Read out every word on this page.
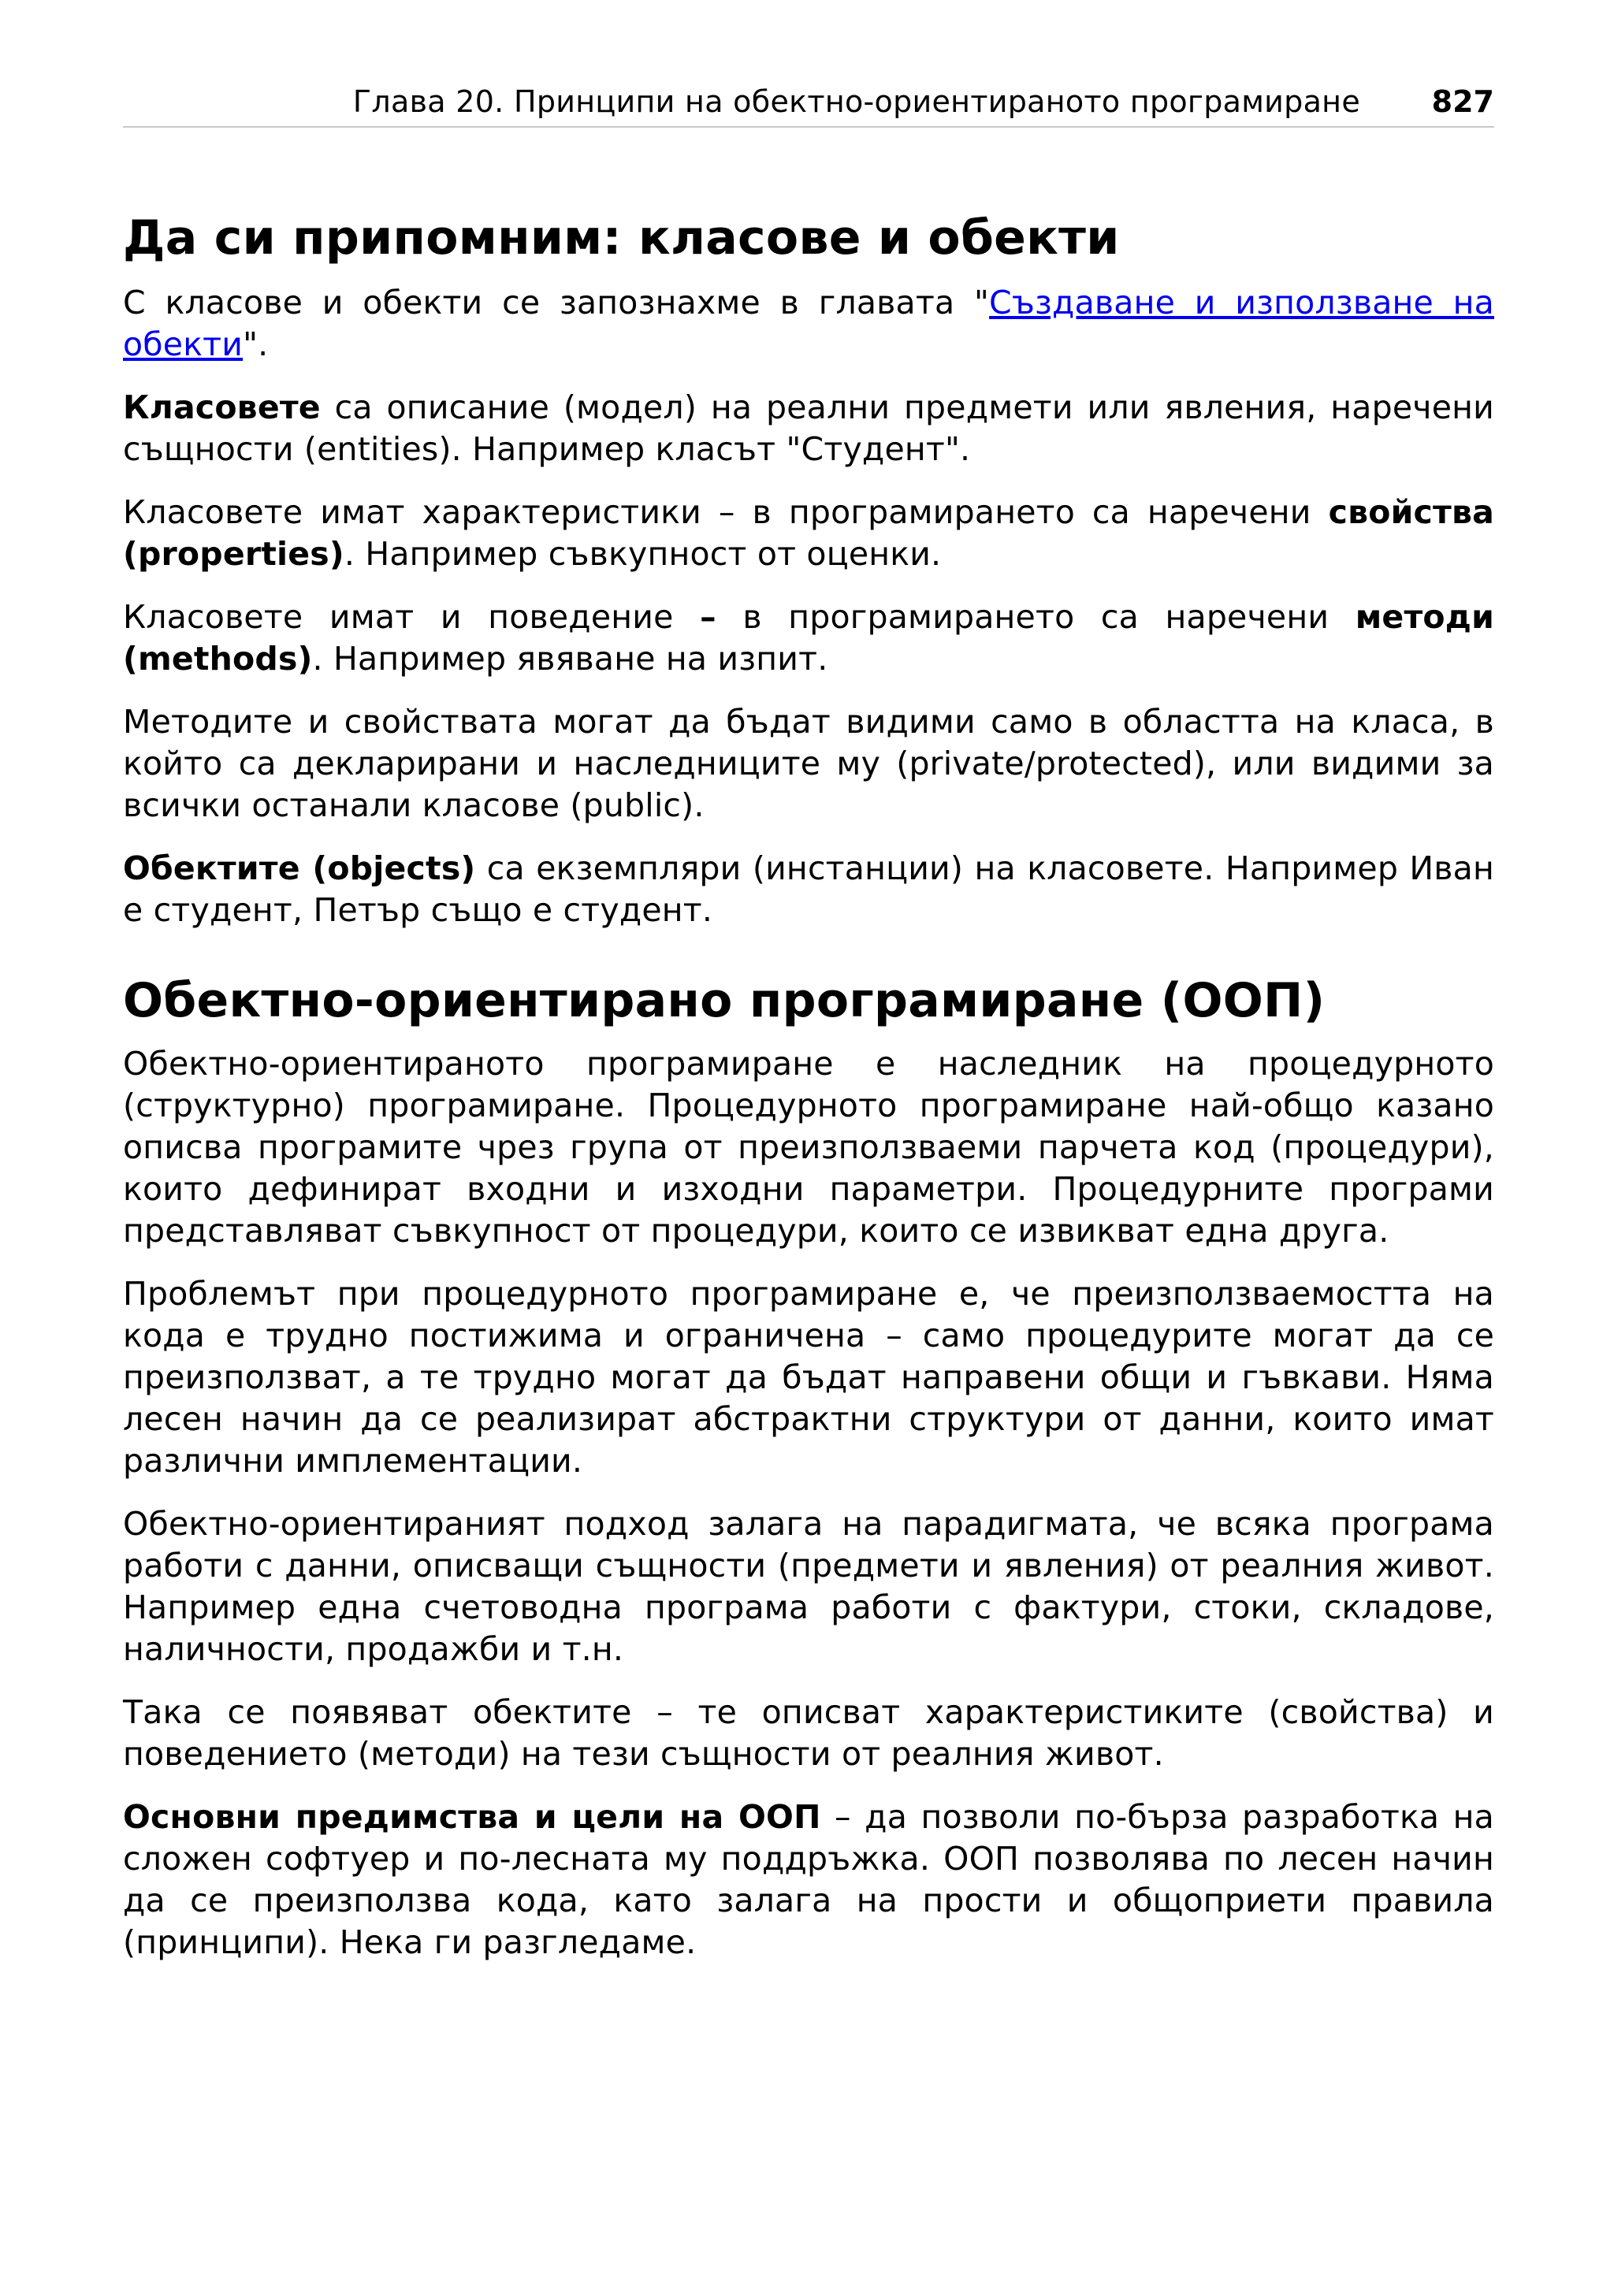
Глава 20. Принципи на обектно-ориентираното програмиране 827
Да си припомним: класове и обекти

С класове и обекти се запознахме в главата "Създаване и използване на обекти".

Класовете са описание (модел) на реални предмети или явления, наречени същности (entities). Например класът "Студент".

Класовете имат характеристики – в програмирането са наречени свойства (properties). Например съвкупност от оценки.

Класовете имат и поведение – в програмирането са наречени методи (methods). Например явяване на изпит.

Методите и свойствата могат да бъдат видими само в областта на класа, в който са декларирани и наследниците му (private/protected), или видими за всички останали класове (public).

Обектите (objects) са екземпляри (инстанции) на класовете. Например Иван е студент, Петър също е студент.

Обектно-ориентирано програмиране (ООП)

Обектно-ориентираното програмиране е наследник на процедурното (структурно) програмиране. Процедурното програмиране най-общо казано описва програмите чрез група от преизползваеми парчета код (процедури), които дефинират входни и изходни параметри. Процедурните програми представляват съвкупност от процедури, които се извикват една друга.

Проблемът при процедурното програмиране е, че преизползваемостта на кода е трудно постижима и ограничена – само процедурите могат да се преизползват, а те трудно могат да бъдат направени общи и гъвкави. Няма лесен начин да се реализират абстрактни структури от данни, които имат различни имплементации.

Обектно-ориентираният подход залага на парадигмата, че всяка програма работи с данни, описващи същности (предмети и явления) от реалния живот. Например една счетоводна програма работи с фактури, стоки, складове, наличности, продажби и т.н.

Така се появяват обектите – те описват характеристиките (свойства) и поведението (методи) на тези същности от реалния живот.

Основни предимства и цели на ООП – да позволи по-бърза разработка на сложен софтуер и по-лесната му поддръжка. ООП позволява по лесен начин да се преизползва кода, като залага на прости и общоприети правила (принципи). Нека ги разгледаме.
